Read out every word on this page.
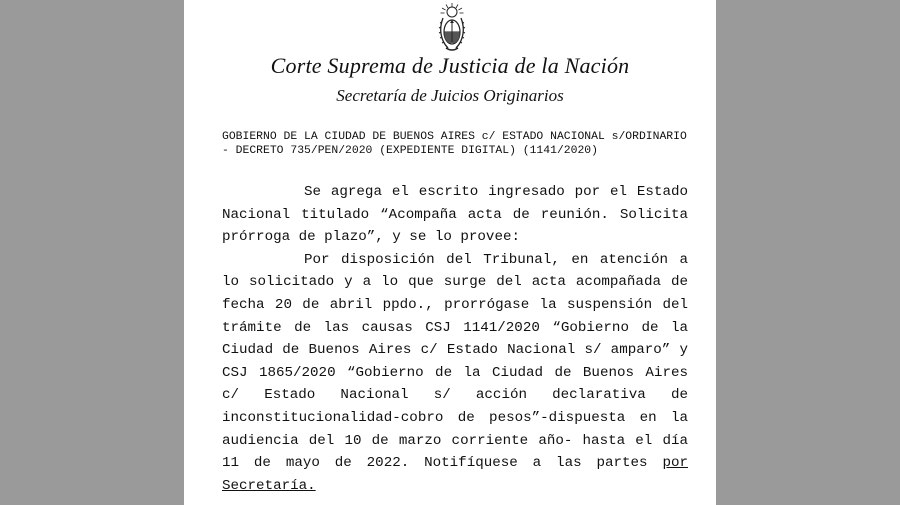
Corte Suprema de Justicia de la Nación
Secretaría de Juicios Originarios
GOBIERNO DE LA CIUDAD DE BUENOS AIRES c/ ESTADO NACIONAL s/ORDINARIO - DECRETO 735/PEN/2020 (EXPEDIENTE DIGITAL) (1141/2020)

Se agrega el escrito ingresado por el Estado Nacional titulado “Acompaña acta de reunión. Solicita prórroga de plazo”, y se lo provee:

Por disposición del Tribunal, en atención a lo solicitado y a lo que surge del acta acompañada de fecha 20 de abril ppdo., prorrógase la suspensión del trámite de las causas CSJ 1141/2020 “Gobierno de la Ciudad de Buenos Aires c/ Estado Nacional s/ amparo” y CSJ 1865/2020 “Gobierno de la Ciudad de Buenos Aires c/ Estado Nacional s/ acción declarativa de inconstitucionalidad-cobro de pesos”-dispuesta en la audiencia del 10 de marzo corriente año- hasta el día 11 de mayo de 2022. Notifíquese a las partes por Secretaría.
